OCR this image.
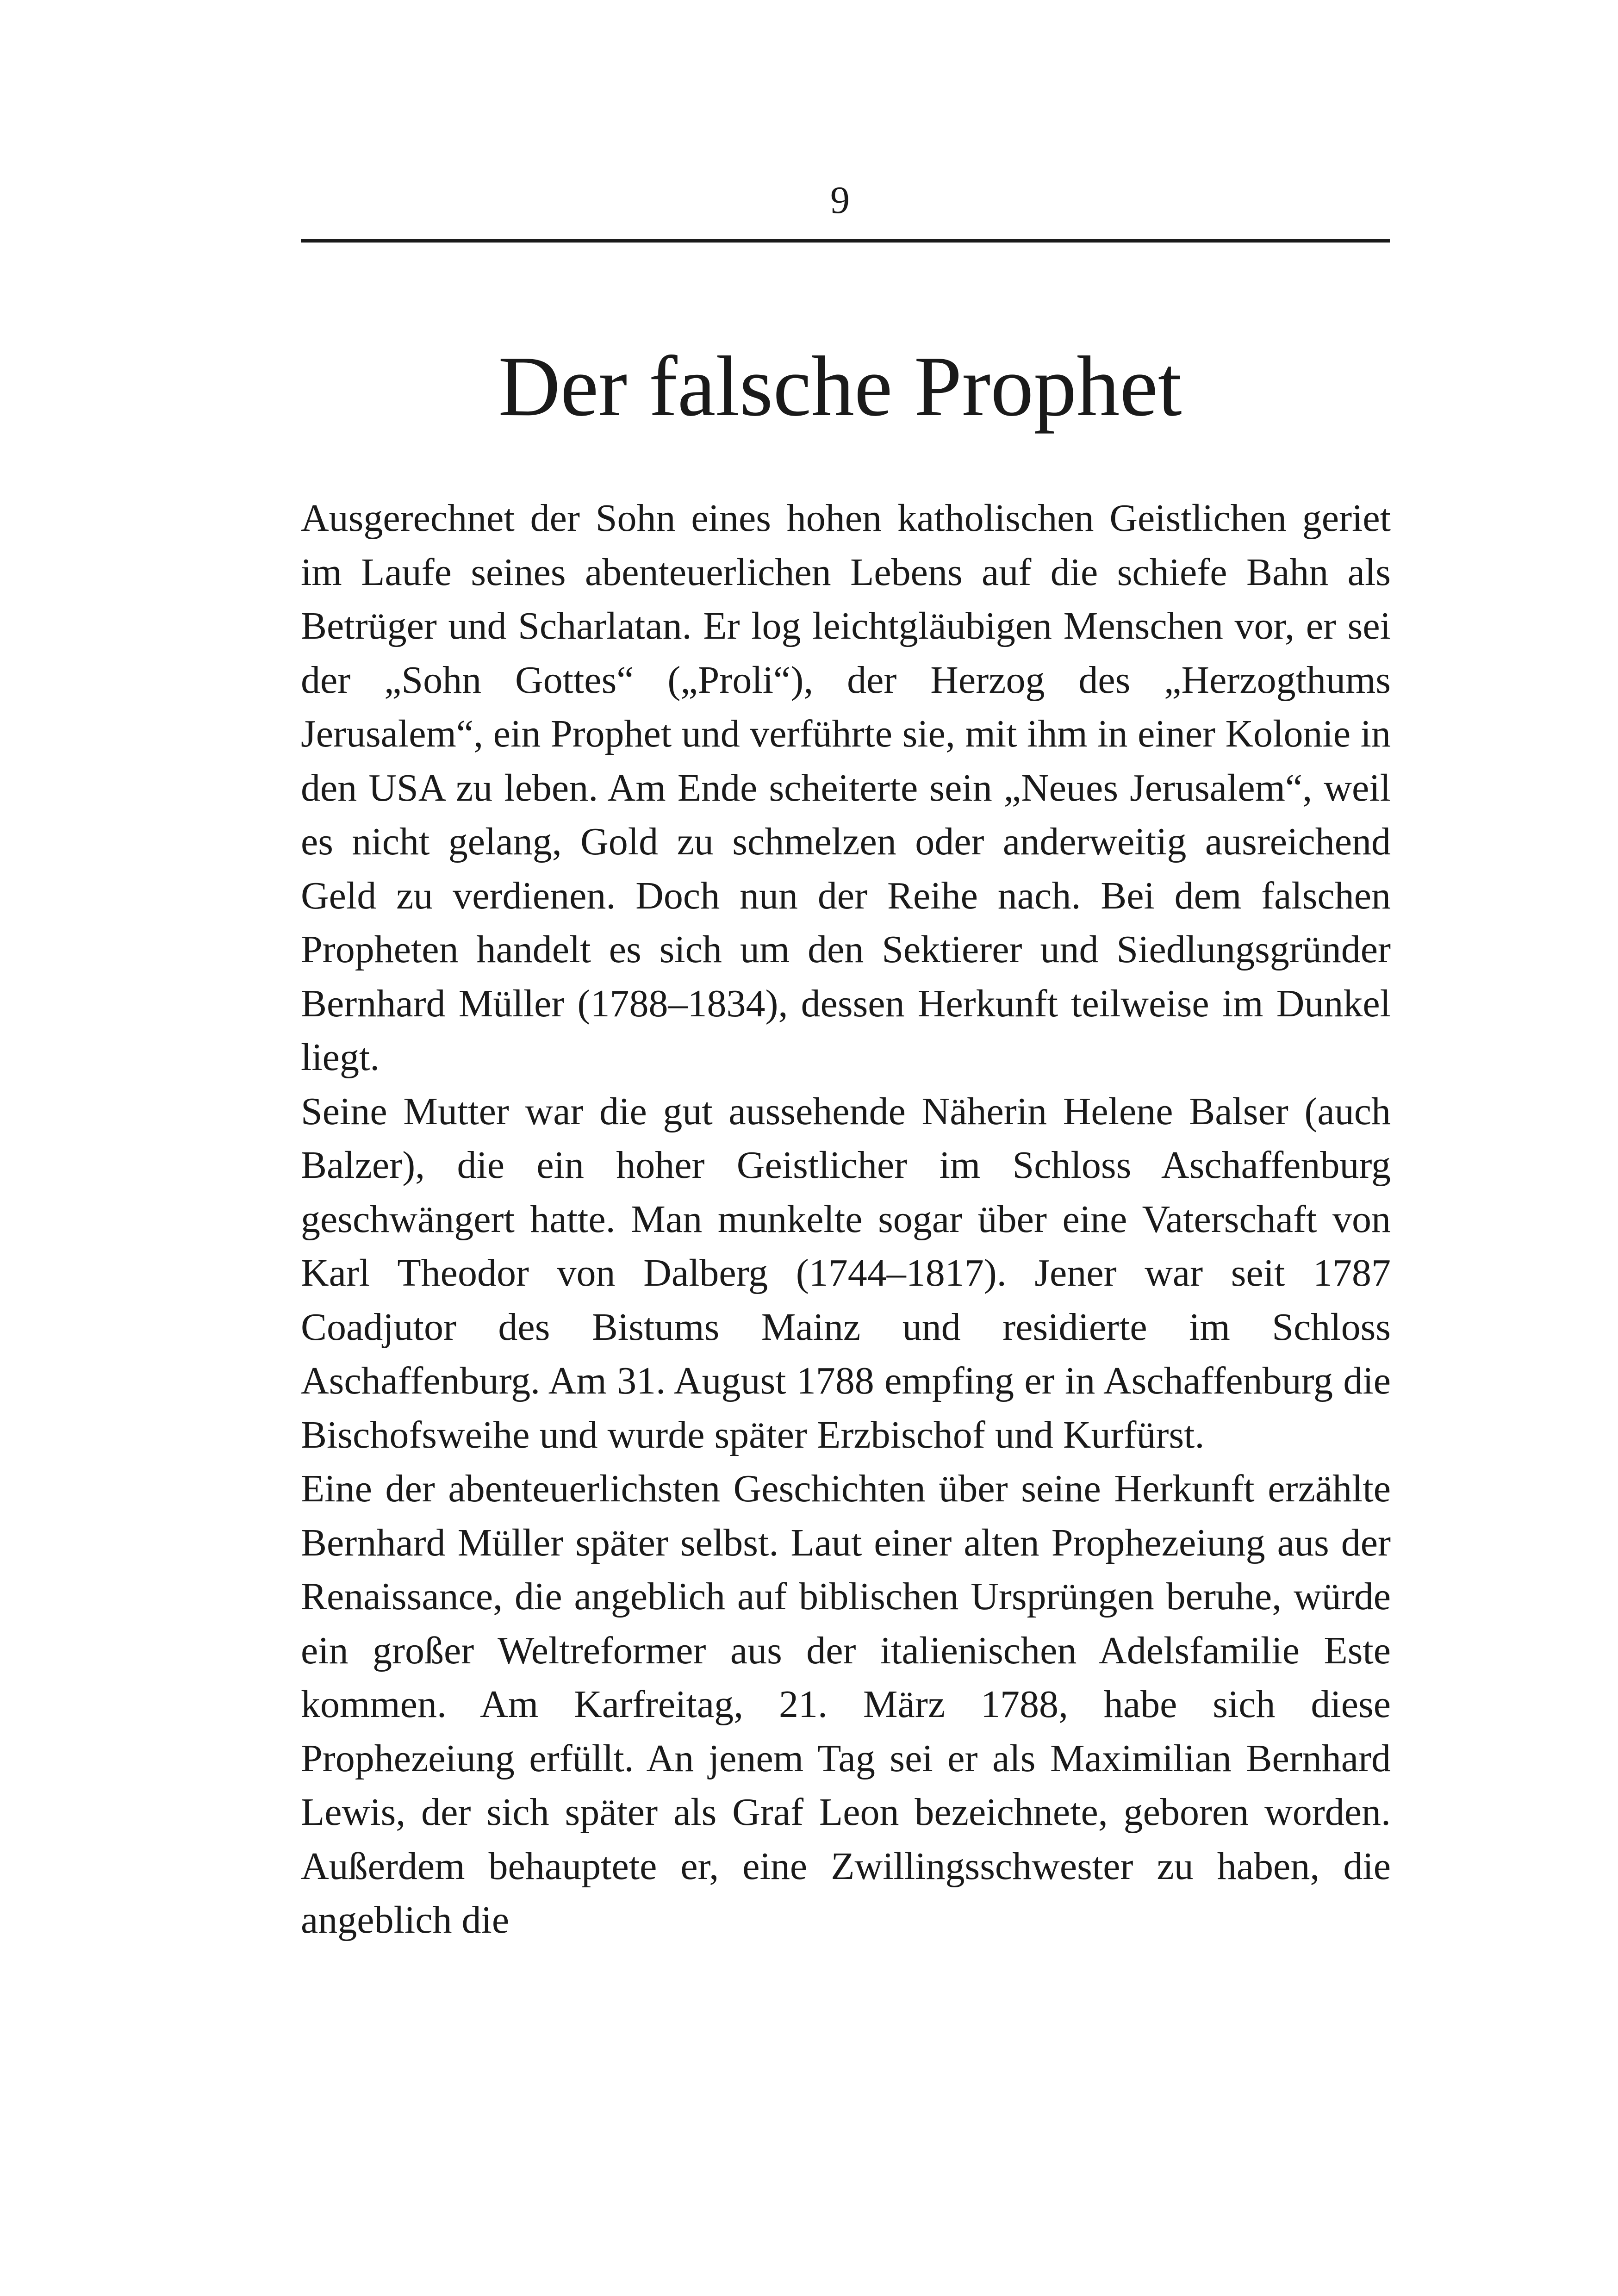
9
Der falsche Prophet

Ausgerechnet der Sohn eines hohen katholischen Geistlichen geriet im Laufe seines abenteuerlichen Lebens auf die schiefe Bahn als Betrüger und Scharlatan. Er log leichtgläubigen Menschen vor, er sei der „Sohn Gottes“ („Proli“), der Herzog des „Herzogthums Jerusalem“, ein Prophet und verführte sie, mit ihm in einer Kolonie in den USA zu leben. Am Ende scheiterte sein „Neues Jerusalem“, weil es nicht gelang, Gold zu schmelzen oder anderweitig ausreichend Geld zu verdienen. Doch nun der Reihe nach. Bei dem falschen Propheten handelt es sich um den Sektierer und Siedlungsgründer Bernhard Müller (1788–1834), dessen Herkunft teilweise im Dunkel liegt.

Seine Mutter war die gut aussehende Näherin Helene Balser (auch Balzer), die ein hoher Geistlicher im Schloss Aschaffenburg geschwängert hatte. Man munkelte sogar über eine Vaterschaft von Karl Theodor von Dalberg (1744–1817). Jener war seit 1787 Coadjutor des Bistums Mainz und residierte im Schloss Aschaffenburg. Am 31. August 1788 empfing er in Aschaffenburg die Bischofsweihe und wurde später Erzbischof und Kurfürst.

Eine der abenteuerlichsten Geschichten über seine Herkunft erzählte Bernhard Müller später selbst. Laut einer alten Prophezeiung aus der Renaissance, die angeblich auf biblischen Ursprüngen beruhe, würde ein großer Weltreformer aus der italienischen Adelsfamilie Este kommen. Am Karfreitag, 21. März 1788, habe sich diese Prophezeiung erfüllt. An jenem Tag sei er als Maximilian Bernhard Lewis, der sich später als Graf Leon bezeichnete, geboren worden. Außerdem behauptete er, eine Zwillingsschwester zu haben, die angeblich die
